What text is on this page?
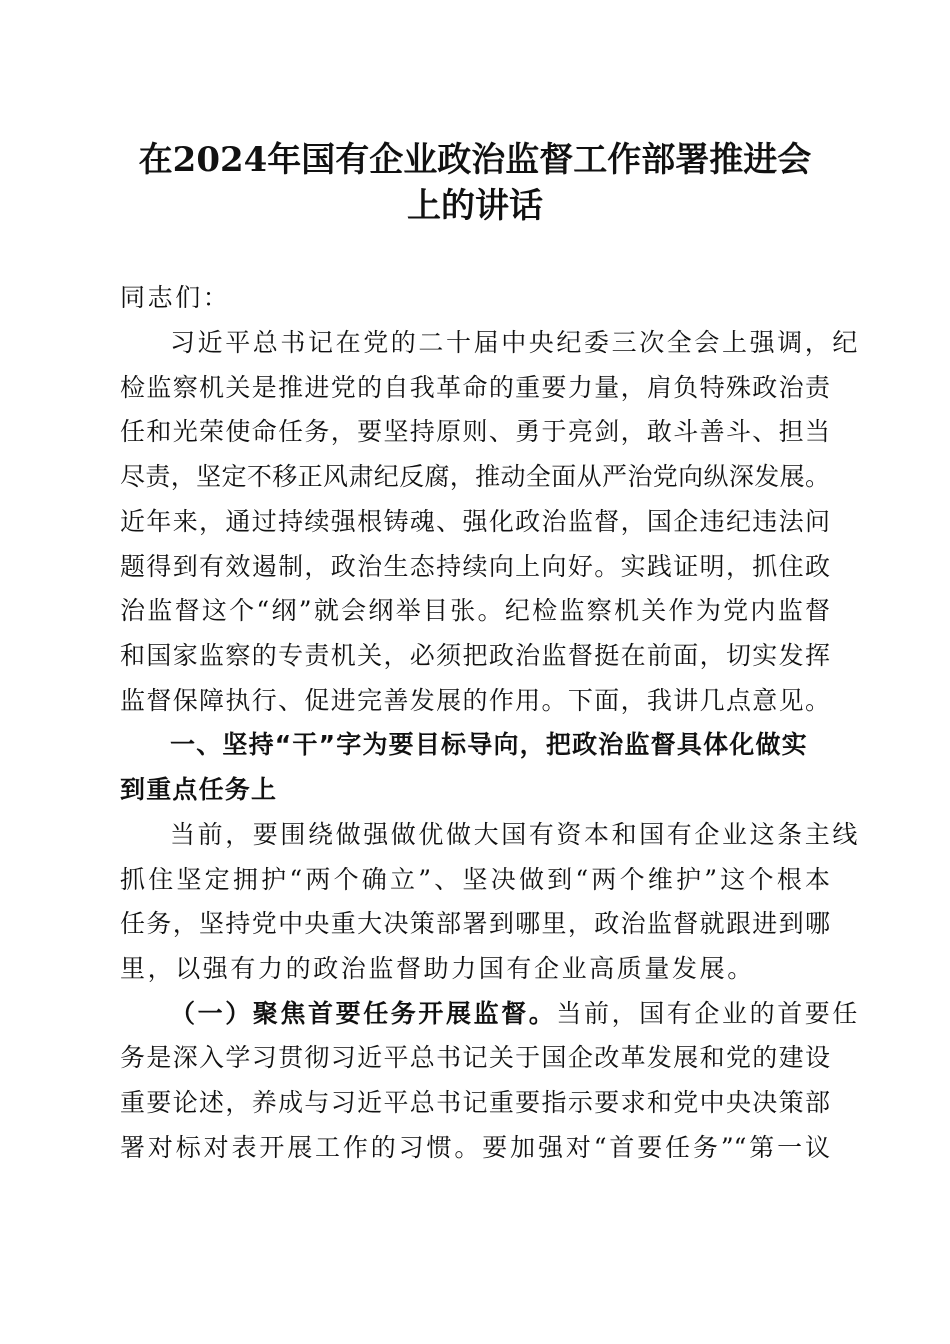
在2024年国有企业政治监督工作部署推进会
上的讲话

同志们：

习近平总书记在党的二十届中央纪委三次全会上强调，纪

检监察机关是推进党的自我革命的重要力量，肩负特殊政治责

任和光荣使命任务，要坚持原则、勇于亮剑，敢斗善斗、担当

尽责，坚定不移正风肃纪反腐，推动全面从严治党向纵深发展。

近年来，通过持续强根铸魂、强化政治监督，国企违纪违法问

题得到有效遏制，政治生态持续向上向好。实践证明，抓住政

治监督这个“纲”就会纲举目张。纪检监察机关作为党内监督

和国家监察的专责机关，必须把政治监督挺在前面，切实发挥

监督保障执行、促进完善发展的作用。下面，我讲几点意见。

一、坚持“干”字为要目标导向，把政治监督具体化做实

到重点任务上

当前，要围绕做强做优做大国有资本和国有企业这条主线

抓住坚定拥护“两个确立”、坚决做到“两个维护”这个根本

任务，坚持党中央重大决策部署到哪里，政治监督就跟进到哪

里，以强有力的政治监督助力国有企业高质量发展。

（一）聚焦首要任务开展监督。当前，国有企业的首要任

务是深入学习贯彻习近平总书记关于国企改革发展和党的建设

重要论述，养成与习近平总书记重要指示要求和党中央决策部

署对标对表开展工作的习惯。要加强对“首要任务”“第一议
